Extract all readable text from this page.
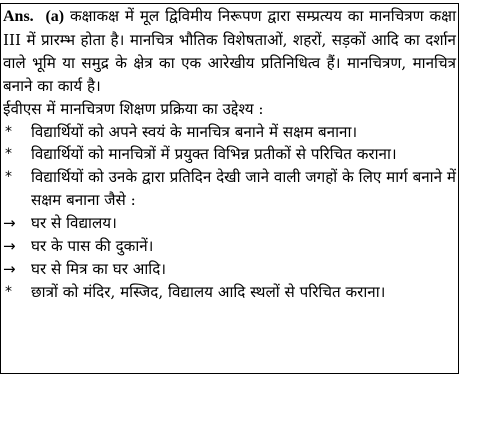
Ans. (a) कक्षाकक्ष में मूल द्विविमीय निरूपण द्वारा सम्प्रत्यय का मानचित्रण कक्षा III में प्रारम्भ होता है। मानचित्र भौतिक विशेषताओं, शहरों, सड़कों आदि का दर्शान वाले भूमि या समुद्र के क्षेत्र का एक आरेखीय प्रतिनिधित्व हैं। मानचित्रण, मानचित्र बनाने का कार्य है।

ईवीएस में मानचित्रण शिक्षण प्रक्रिया का उद्देश्य :

*	विद्यार्थियों को अपने स्वयं के मानचित्र बनाने में सक्षम बनाना।
*	विद्यार्थियों को मानचित्रों में प्रयुक्त विभिन्न प्रतीकों से परिचित कराना।
*	विद्यार्थियों को उनके द्वारा प्रतिदिन देखी जाने वाली जगहों के लिए मार्ग बनाने में सक्षम बनाना जैसे :
→	घर से विद्यालय।
→	घर के पास की दुकानें।
→	घर से मित्र का घर आदि।
*	छात्रों को मंदिर, मस्जिद, विद्यालय आदि स्थलों से परिचित कराना।
